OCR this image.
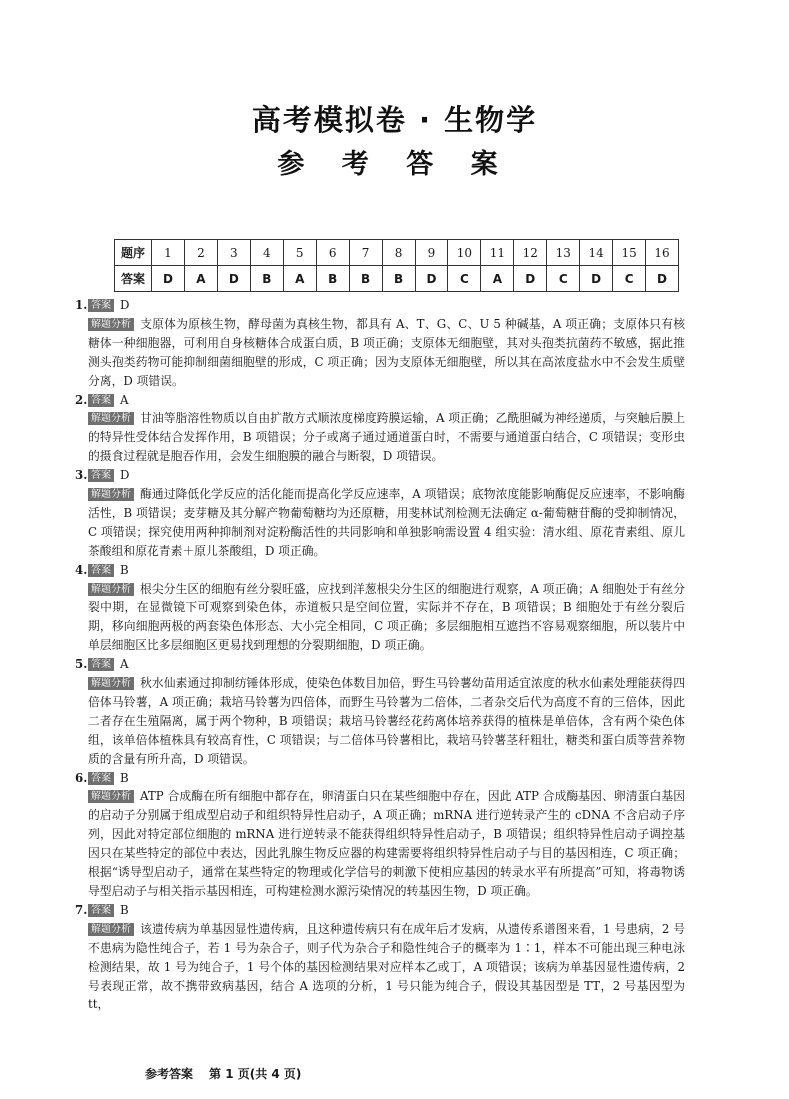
高考模拟卷 · 生物学
参 考 答 案
题序	1	2	3	4	5	6	7	8	9	10	11	12	13	14	15	16
答案	D	A	D	B	A	B	B	B	D	C	A	D	C	D	C	D
1. 答案 D
解题分析 支原体为原核生物，酵母菌为真核生物，都具有 A、T、G、C、U 5 种碱基，A 项正确；支原体只有核糖体一种细胞器，可利用自身核糖体合成蛋白质，B 项正确；支原体无细胞壁，其对头孢类抗菌药不敏感，据此推测头孢类药物可能抑制细菌细胞壁的形成，C 项正确；因为支原体无细胞壁，所以其在高浓度盐水中不会发生质壁分离，D 项错误。
2. 答案 A
解题分析 甘油等脂溶性物质以自由扩散方式顺浓度梯度跨膜运输，A 项正确；乙酰胆碱为神经递质，与突触后膜上的特异性受体结合发挥作用，B 项错误；分子或离子通过通道蛋白时，不需要与通道蛋白结合，C 项错误；变形虫的摄食过程就是胞吞作用，会发生细胞膜的融合与断裂，D 项错误。
3. 答案 D
解题分析 酶通过降低化学反应的活化能而提高化学反应速率，A 项错误；底物浓度能影响酶促反应速率，不影响酶活性，B 项错误；麦芽糖及其分解产物葡萄糖均为还原糖，用斐林试剂检测无法确定 α-葡萄糖苷酶的受抑制情况，C 项错误；探究使用两种抑制剂对淀粉酶活性的共同影响和单独影响需设置 4 组实验：清水组、原花青素组、原儿茶酸组和原花青素＋原儿茶酸组，D 项正确。
4. 答案 B
解题分析 根尖分生区的细胞有丝分裂旺盛，应找到洋葱根尖分生区的细胞进行观察，A 项正确；A 细胞处于有丝分裂中期，在显微镜下可观察到染色体，赤道板只是空间位置，实际并不存在，B 项错误；B 细胞处于有丝分裂后期，移向细胞两极的两套染色体形态、大小完全相同，C 项正确；多层细胞相互遮挡不容易观察细胞，所以装片中单层细胞区比多层细胞区更易找到理想的分裂期细胞，D 项正确。
5. 答案 A
解题分析 秋水仙素通过抑制纺锤体形成，使染色体数目加倍，野生马铃薯幼苗用适宜浓度的秋水仙素处理能获得四倍体马铃薯，A 项正确；栽培马铃薯为四倍体，而野生马铃薯为二倍体，二者杂交后代为高度不育的三倍体，因此二者存在生殖隔离，属于两个物种，B 项错误；栽培马铃薯经花药离体培养获得的植株是单倍体，含有两个染色体组，该单倍体植株具有较高育性，C 项错误；与二倍体马铃薯相比，栽培马铃薯茎秆粗壮，糖类和蛋白质等营养物质的含量有所升高，D 项错误。
6. 答案 B
解题分析 ATP 合成酶在所有细胞中都存在，卵清蛋白只在某些细胞中存在，因此 ATP 合成酶基因、卵清蛋白基因的启动子分别属于组成型启动子和组织特异性启动子，A 项正确；mRNA 进行逆转录产生的 cDNA 不含启动子序列，因此对特定部位细胞的 mRNA 进行逆转录不能获得组织特异性启动子，B 项错误；组织特异性启动子调控基因只在某些特定的部位中表达，因此乳腺生物反应器的构建需要将组织特异性启动子与目的基因相连，C 项正确；根据“诱导型启动子，通常在某些特定的物理或化学信号的刺激下使相应基因的转录水平有所提高”可知，将毒物诱导型启动子与相关指示基因相连，可构建检测水源污染情况的转基因生物，D 项正确。
7. 答案 B
解题分析 该遗传病为单基因显性遗传病，且这种遗传病只有在成年后才发病，从遗传系谱图来看，1 号患病，2 号不患病为隐性纯合子，若 1 号为杂合子，则子代为杂合子和隐性纯合子的概率为 1∶1，样本不可能出现三种电泳检测结果，故 1 号为纯合子，1 号个体的基因检测结果对应样本乙或丁，A 项错误；该病为单基因显性遗传病，2 号表现正常，故不携带致病基因，结合 A 选项的分析，1 号只能为纯合子，假设其基因型是 TT，2 号基因型为 tt，
参考答案 第 1 页(共 4 页)
